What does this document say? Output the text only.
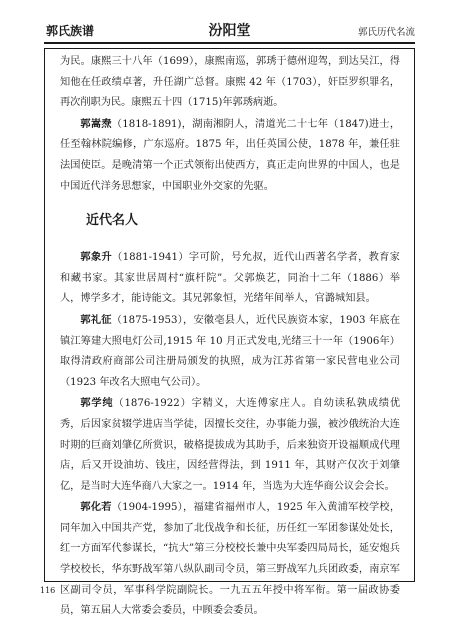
郭氏族谱	汾阳堂	郭氏历代名流

为民。康熙三十八年（1699），康熙南巡，郭琇于德州迎驾，到达吴江，得知他在任政绩卓著，升任湖广总督。康熙 42 年（1703），奸臣罗织罪名，再次削职为民。康熙五十四（1715)年郭琇病逝。

郭嵩焘（1818-1891)，湖南湘阴人，清道光二十七年（1847)进士，任至翰林院编修，广东巡府。1875 年，出任英国公使，1878 年，兼任驻法国使臣。是晚清第一个正式领衔出使西方，真正走向世界的中国人，也是中国近代洋务思想家，中国职业外交家的先驱。

近代名人

郭象升（1881-1941）字可阶，号允叔，近代山西著名学者，教育家和藏书家。其家世居周村“旗杆院”。父郭焕艺，同治十二年（1886）举人，博学多才，能诗能文。其兄郭象恒，光绪年间举人，官潞城知县。

郭礼征（1875-1953），安徽亳县人，近代民族资本家，1903 年底在镇江筹建大照电灯公司,1915 年 10 月正式发电,光绪三十一年（1906年）取得清政府商部公司注册局颁发的执照，成为江苏省第一家民营电业公司（1923 年改名大照电气公司）。

郭学纯（1876-1922）字精义，大连傅家庄人。自幼读私孰成绩优秀，后因家贫辍学进店当学徒，因擅长交往，办事能力强，被沙俄统治大连时期的巨商刘肇亿所赏识，破格提拔成为其助手，后来独资开设福顺成代理店，后又开设油坊、钱庄，因经营得法，到 1911 年，其财产仅次于刘肇亿，是当时大连华商八大家之一。1914 年，当选为大连华商公议会会长。

郭化若（1904-1995），福建省福州市人，1925 年入黄浦军校学校，同年加入中国共产党，参加了北伐战争和长征，历任红一军团参谋处处长，红一方面军代参谋长，“抗大”第三分校校长兼中央军委四局局长，延安炮兵学校校长，华东野战军第八纵队副司令员，第三野战军九兵团政委，南京军区副司令员，军事科学院副院长。一九五五年授中将军衔。第一届政协委员，第五届人大常委会委员，中顾委会委员。

116
